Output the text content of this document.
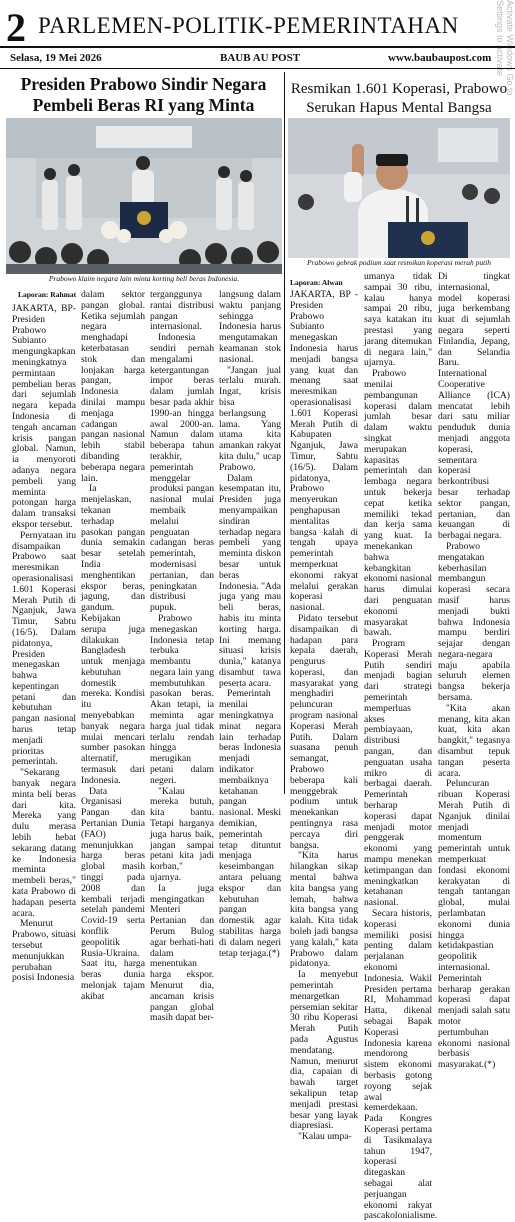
2 PARLEMEN-POLITIK-PEMERINTAHAN	Activate Windows Go to Settings to activate
Selasa, 19 Mei 2026	BAUB AU POST	www.baubaupost.com
Presiden Prabowo Sindir Negara Pembeli Beras RI yang Minta
Resmikan 1.601 Koperasi, Prabowo Serukan Hapus Mental Bangsa
Prabowo klaim negara lain minta korting beli beras Indonesia.
Prabowo gebrak podium saat resmikan koperasi merah putih
Laporan: Rahmat
Laporan: Alwan

JAKARTA, BP- Presiden Prabowo Subianto mengungkapkan meningkatnya permintaan pembelian beras dari sejumlah negara kepada Indonesia di tengah ancaman krisis pangan global. Namun, ia menyoroti adanya negara pembeli yang meminta potongan harga dalam transaksi ekspor tersebut.

Pernyataan itu disampaikan Prabowo saat meresmikan operasionalisasi 1.601 Koperasi Merah Putih di Nganjuk, Jawa Timur, Sabtu (16/5). Dalam pidatonya, Presiden menegaskan bahwa kepentingan petani dan kebutuhan pangan nasional harus tetap menjadi prioritas pemerintah.

"Sekarang banyak negara minta beli beras dari kita. Mereka yang dulu merasa lebih hebat sekarang datang ke Indonesia meminta membeli beras," kata Prabowo di hadapan peserta acara.

Menurut Prabowo, situasi tersebut menunjukkan perubahan posisi Indonesia

dalam sektor pangan global. Ketika sejumlah negara menghadapi keterbatasan stok dan lonjakan harga pangan, Indonesia dinilai mampu menjaga cadangan pangan nasional lebih stabil dibanding beberapa negara lain.

Ia menjelaskan, tekanan terhadap pasokan pangan dunia semakin besar setelah India menghentikan ekspor beras, jagung, dan gandum. Kebijakan serupa juga dilakukan Bangladesh untuk menjaga kebutuhan domestik mereka. Kondisi itu menyebabkan banyak negara mulai mencari sumber pasokan alternatif, termasuk dari Indonesia.

Data Organisasi Pangan dan Pertanian Dunia (FAO) menunjukkan harga beras global masih tinggi pada 2008 dan kembali terjadi setelah pandemi Covid-19 serta konflik geopolitik Rusia-Ukraina. Saat itu, harga beras dunia melonjak tajam akibat

terganggunya rantai distribusi pangan internasional.

Indonesia sendiri pernah mengalami ketergantungan impor beras dalam jumlah besar pada akhir 1990-an hingga awal 2000-an. Namun dalam beberapa tahun terakhir, pemerintah menggelar produksi pangan nasional mulai membaik melalui penguatan cadangan beras pemerintah, modernisasi pertanian, dan peningkatan distribusi pupuk.

Prabowo menegaskan Indonesia tetap terbuka membantu negara lain yang membutuhkan pasokan beras. Akan tetapi, ia meminta agar harga jual tidak terlalu rendah hingga merugikan petani dalam negeri.

"Kalau mereka butuh, kita bantu. Tetapi harganya juga harus baik, jangan sampai petani kita jadi korban," ujarnya.

Ia juga mengingatkan Menteri Pertanian dan Perum Bulog agar berhati-hati dalam menentukan harga ekspor. Menurut dia, ancaman krisis pangan global masih dapat ber-

langsung dalam waktu panjang sehingga Indonesia harus mengutamakan keamanan stok nasional.

"Jangan jual terlalu murah. Ingat, krisis bisa berlangsung lama. Yang utama kita amankan rakyat kita dulu," ucap Prabowo.

Dalam kesempatan itu, Presiden juga menyampaikan sindiran terhadap negara pembeli yang meminta diskon besar untuk beras Indonesia. "Ada juga yang mau beli beras, habis itu minta korting harga. Ini memang situasi krisis dunia," katanya disambut tawa peserta acara.

Pemerintah menilai meningkatnya minat negara lain terhadap beras Indonesia menjadi indikator membaiknya ketahanan pangan nasional. Meski demikian, pemerintah tetap dituntut menjaga keseimbangan antara peluang ekspor dan kebutuhan pangan domestik agar stabilitas harga di dalam negeri tetap terjaga.(*)

JAKARTA, BP - Presiden Prabowo Subianto menegaskan Indonesia harus menjadi bangsa yang kuat dan menang saat meresmikan operasionalisasi 1.601 Koperasi Merah Putih di Kabupaten Nganjuk, Jawa Timur, Sabtu (16/5). Dalam pidatonya, Prabowo menyerukan penghapusan mentalitas bangsa kalah di tengah upaya pemerintah memperkuat ekonomi rakyat melalui gerakan koperasi nasional.

Pidato tersebut disampaikan di hadapan para kepala daerah, pengurus koperasi, dan masyarakat yang menghadiri peluncuran program nasional Koperasi Merah Putih. Dalam suasana penuh semangat, Prabowo beberapa kali menggebrak podium untuk menekankan pentingnya rasa percaya diri bangsa.

"Kita harus hilangkan sikap mental bahwa kita bangsa yang lemah, bahwa kita bangsa yang kalah. Kita tidak boleh jadi bangsa yang kalah," kata Prabowo dalam pidatonya.

Ia menyebut pemerintah menargetkan persemian sekitar 30 ribu Koperasi Merah Putih pada Agustus mendatang. Namun, menurut dia, capaian di bawah target sekalipun tetap menjadi prestasi besar yang layak diapresiasi.

"Kalau umpa-

umanya tidak sampai 30 ribu, kalau hanya sampai 20 ribu, saya katakan itu prestasi yang jarang ditemukan di negara lain," ujarnya.

Prabowo menilai pembangunan koperasi dalam jumlah besar dalam waktu singkat merupakan kapasitas pemerintah dan lembaga negara untuk bekerja cepat ketika memiliki tekad dan kerja sama yang kuat. Ia menekankan bahwa kebangkitan ekonomi nasional harus dimulai dari penguatan ekonomi masyarakat bawah.

Program Koperasi Merah Putih sendiri menjadi bagian dari strategi pemerintah memperluas akses pembiayaan, distribusi pangan, dan penguatan usaha mikro di berbagai daerah. Pemerintah berharap koperasi dapat menjadi motor penggerak ekonomi yang mampu menekan ketimpangan dan meningkatkan ketahanan nasional.

Secara historis, koperasi memiliki posisi penting dalam perjalanan ekonomi Indonesia. Wakil Presiden pertama RI, Mohammad Hatta, dikenal sebagai Bapak Koperasi Indonesia karena mendorong sistem ekonomi berbasis gotong royong sejak awal kemerdekaan. Pada Kongres Koperasi pertama di Tasikmalaya tahun 1947, koperasi ditegaskan sebagai alat perjuangan ekonomi rakyat pascakolonialisme.

Di tingkat internasional, model koperasi juga berkembang kuat di sejumlah negara seperti Finlandia, Jepang, dan Selandia Baru. International Cooperative Alliance (ICA) mencatat lebih dari satu miliar penduduk dunia menjadi anggota koperasi, sementara koperasi berkontribusi besar terhadap sektor pangan, pertanian, dan keuangan di berbagai negara.

Prabowo mengatakan keberhasilan membangun koperasi secara masif harus menjadi bukti bahwa Indonesia mampu berdiri sejajar dengan negara-negara maju apabila seluruh elemen bangsa bekerja bersama.

"Kita akan menang, kita akan kuat, kita akan bangkit," tegasnya disambut tepuk tangan peserta acara.

Peluncuran ribuan Koperasi Merah Putih di Nganjuk dinilai menjadi momentum pemerintah untuk memperkuat fondasi ekonomi kerakyatan di tengah tantangan global, mulai perlambatan ekonomi dunia hingga ketidakpastian geopolitik internasional. Pemerintah berharap gerakan koperasi dapat menjadi salah satu motor pertumbuhan ekonomi nasional berbasis masyarakat.(*)
